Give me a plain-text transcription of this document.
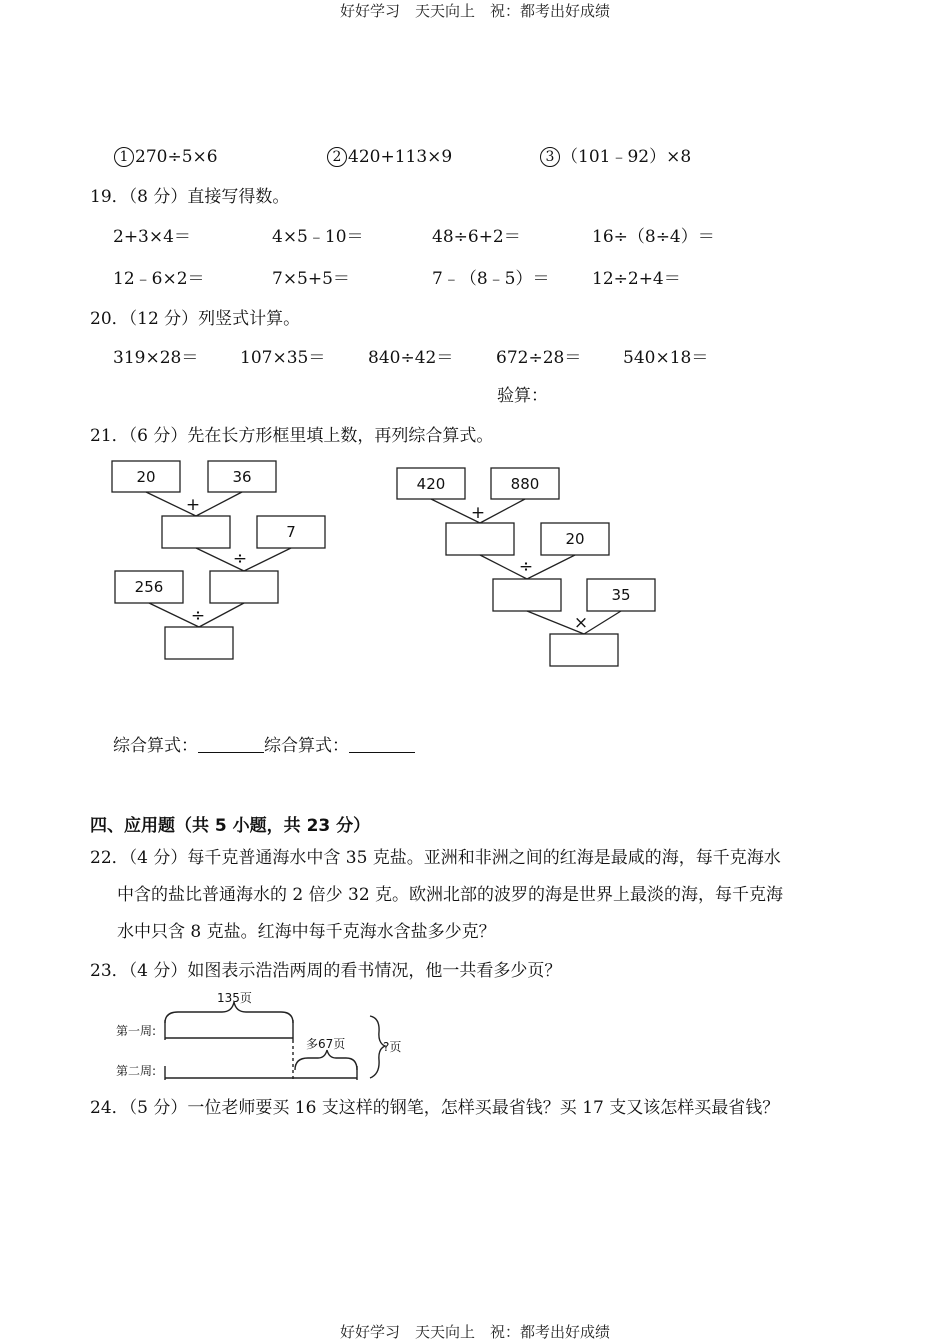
好好学习　天天向上　祝：都考出好成绩
好好学习　天天向上　祝：都考出好成绩
1 270÷5×6	2 420+113×9	3 （101﹣92）×8
19．（8 分）直接写得数。
2+3×4＝	4×5﹣10＝	48÷6+2＝	16÷（8÷4）＝
12﹣6×2＝	7×5+5＝	7﹣（8﹣5）＝	12÷2+4＝
20．（12 分）列竖式计算。
319×28＝ 107×35＝	840÷42＝	672÷28＝ 540×18＝
验算：
21．（6 分）先在长方形框里填上数，再列综合算式。
20	36
+
7
÷
256
÷
420	880
+
20
÷
35
×
综合算式：	综合算式：
四、应用题（共 5 小题，共 23 分）
22．（4 分）每千克普通海水中含 35 克盐。亚洲和非洲之间的红海是最咸的海，每千克海水
中含的盐比普通海水的 2 倍少 32 克。欧洲北部的波罗的海是世界上最淡的海，每千克海
水中只含 8 克盐。红海中每千克海水含盐多少克？
23．（4 分）如图表示浩浩两周的看书情况，他一共看多少页？
135页
第一周:
第二周:
多67页	?页
24．（5 分）一位老师要买 16 支这样的钢笔，怎样买最省钱？买 17 支又该怎样买最省钱？
